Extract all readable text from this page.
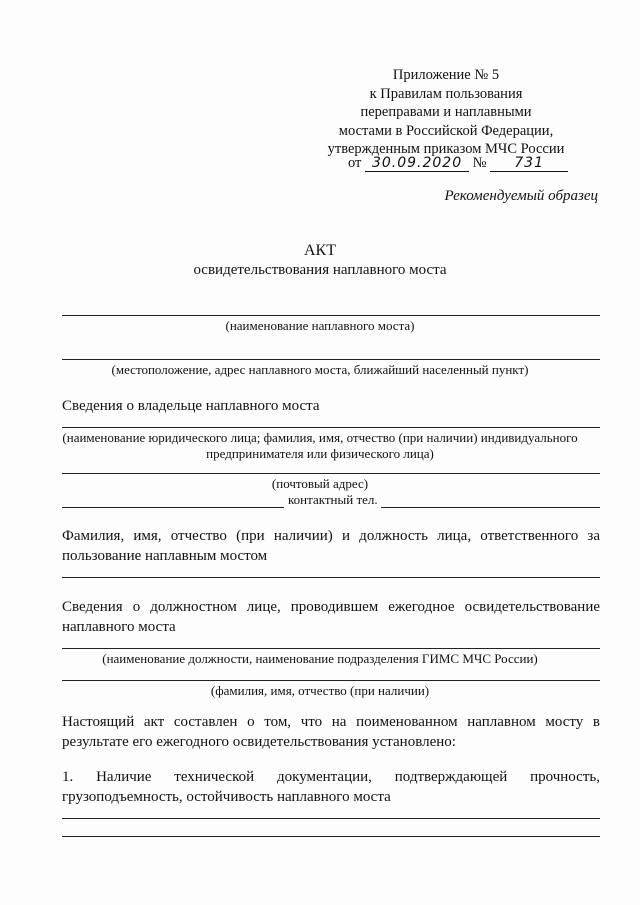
Приложение № 5
к Правилам пользования
переправами и наплавными
мостами в Российской Федерации,
утвержденным приказом МЧС России
от 30.09.2020 № 731
Рекомендуемый образец
АКТ
освидетельствования наплавного моста
(наименование наплавного моста)
(местоположение, адрес наплавного моста, ближайший населенный пункт)
Сведения о владельце наплавного моста
(наименование юридического лица; фамилия, имя, отчество (при наличии) индивидуального
предпринимателя или физического лица)
(почтовый адрес)
контактный тел.
Фамилия, имя, отчество (при наличии) и должность лица, ответственного за
пользование наплавным мостом
Сведения о должностном лице, проводившем ежегодное освидетельствование
наплавного моста
(наименование должности, наименование подразделения ГИМС МЧС России)
(фамилия, имя, отчество (при наличии)
Настоящий акт составлен о том, что на поименованном наплавном мосту в
результате его ежегодного освидетельствования установлено:
1. Наличие технической документации, подтверждающей прочность,
грузоподъемность, остойчивость наплавного моста
